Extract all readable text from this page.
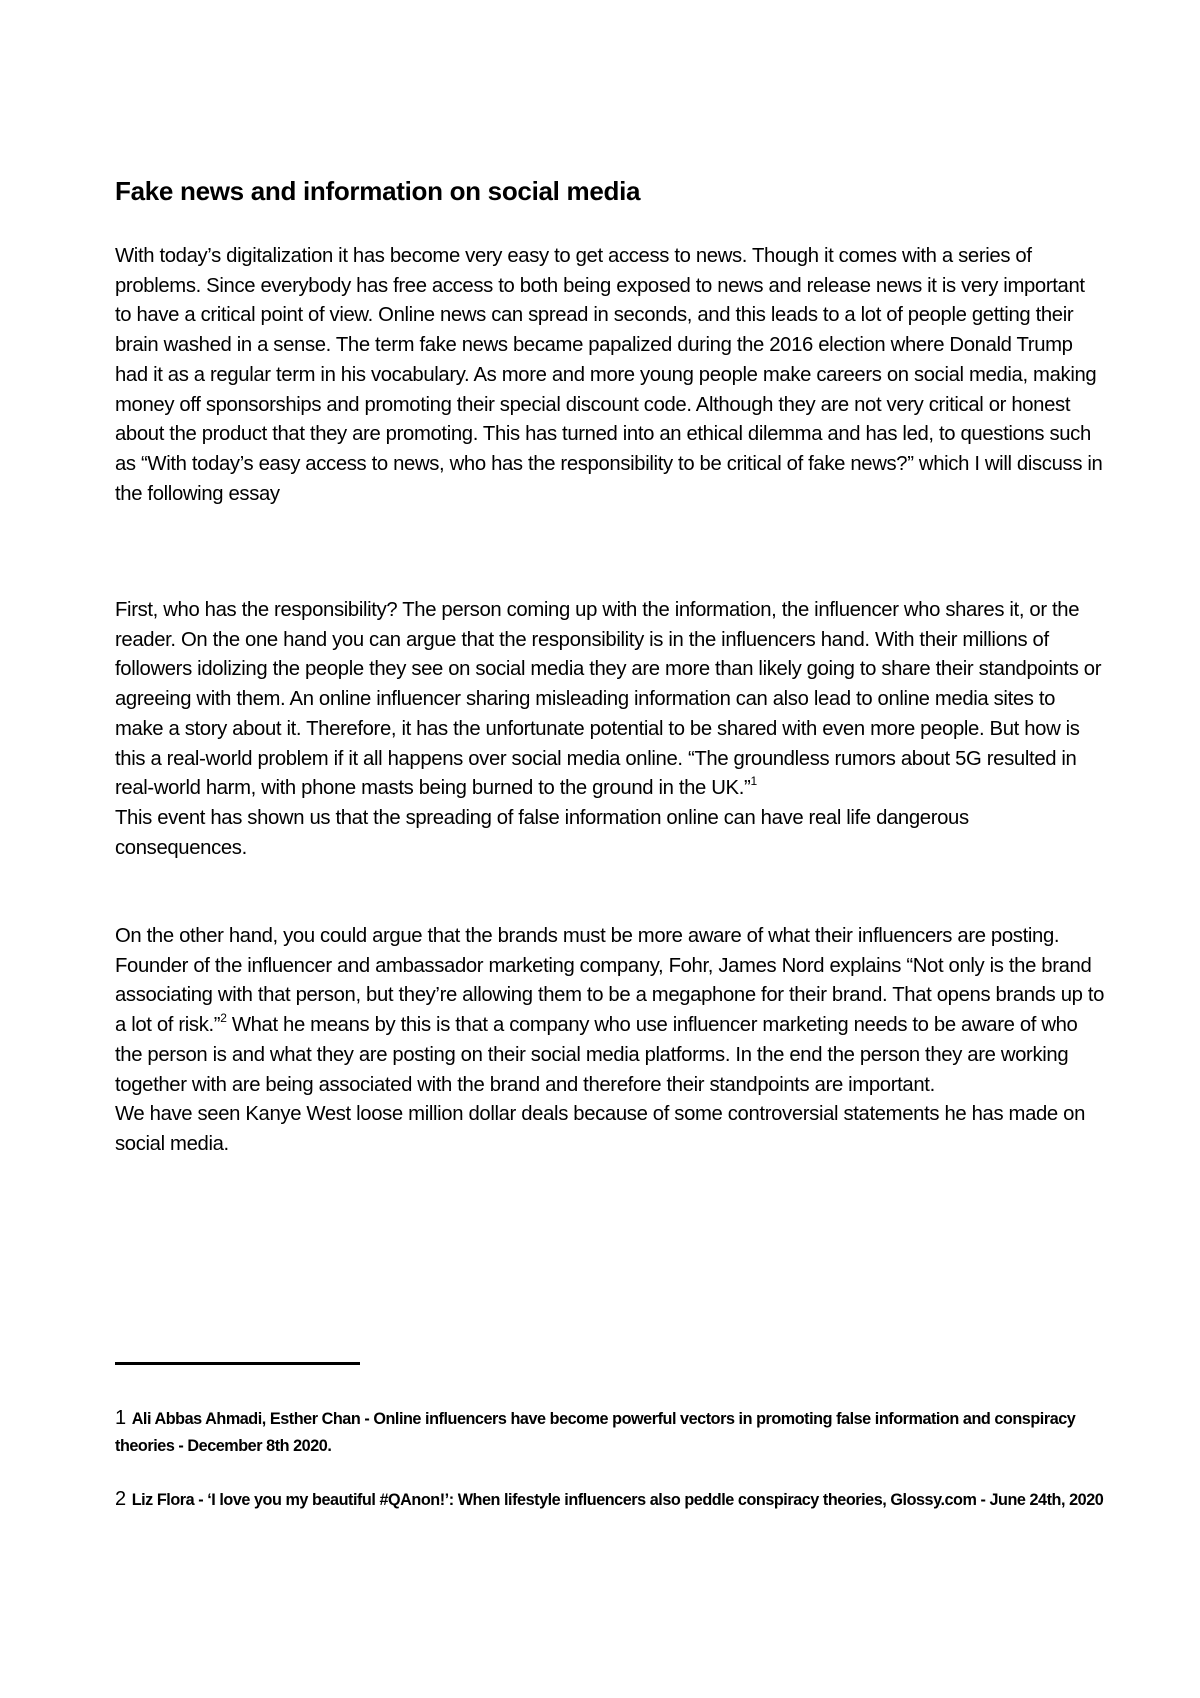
Fake news and information on social media

With today’s digitalization it has become very easy to get access to news. Though it comes with a series of problems. Since everybody has free access to both being exposed to news and release news it is very important to have a critical point of view. Online news can spread in seconds, and this leads to a lot of people getting their brain washed in a sense. The term fake news became papalized during the 2016 election where Donald Trump had it as a regular term in his vocabulary. As more and more young people make careers on social media, making money off sponsorships and promoting their special discount code. Although they are not very critical or honest about the product that they are promoting. This has turned into an ethical dilemma and has led, to questions such as “With today’s easy access to news, who has the responsibility to be critical of fake news?” which I will discuss in the following essay

First, who has the responsibility? The person coming up with the information, the influencer who shares it, or the reader. On the one hand you can argue that the responsibility is in the influencers hand. With their millions of followers idolizing the people they see on social media they are more than likely going to share their standpoints or agreeing with them. An online influencer sharing misleading information can also lead to online media sites to make a story about it. Therefore, it has the unfortunate potential to be shared with even more people. But how is this a real-world problem if it all happens over social media online. “The groundless rumors about 5G resulted in real-world harm, with phone masts being burned to the ground in the UK.”$^1$

This event has shown us that the spreading of false information online can have real life dangerous consequences.

On the other hand, you could argue that the brands must be more aware of what their influencers are posting. Founder of the influencer and ambassador marketing company, Fohr, James Nord explains “Not only is the brand associating with that person, but they’re allowing them to be a megaphone for their brand. That opens brands up to a lot of risk.”$^2$ What he means by this is that a company who use influencer marketing needs to be aware of who the person is and what they are posting on their social media platforms. In the end the person they are working together with are being associated with the brand and therefore their standpoints are important.

We have seen Kanye West loose million dollar deals because of some controversial statements he has made on social media.

1 Ali Abbas Ahmadi, Esther Chan - Online influencers have become powerful vectors in promoting false information and conspiracy theories - December 8th 2020.
2 Liz Flora - ‘I love you my beautiful #QAnon!’: When lifestyle influencers also peddle conspiracy theories, Glossy.com - June 24th, 2020
